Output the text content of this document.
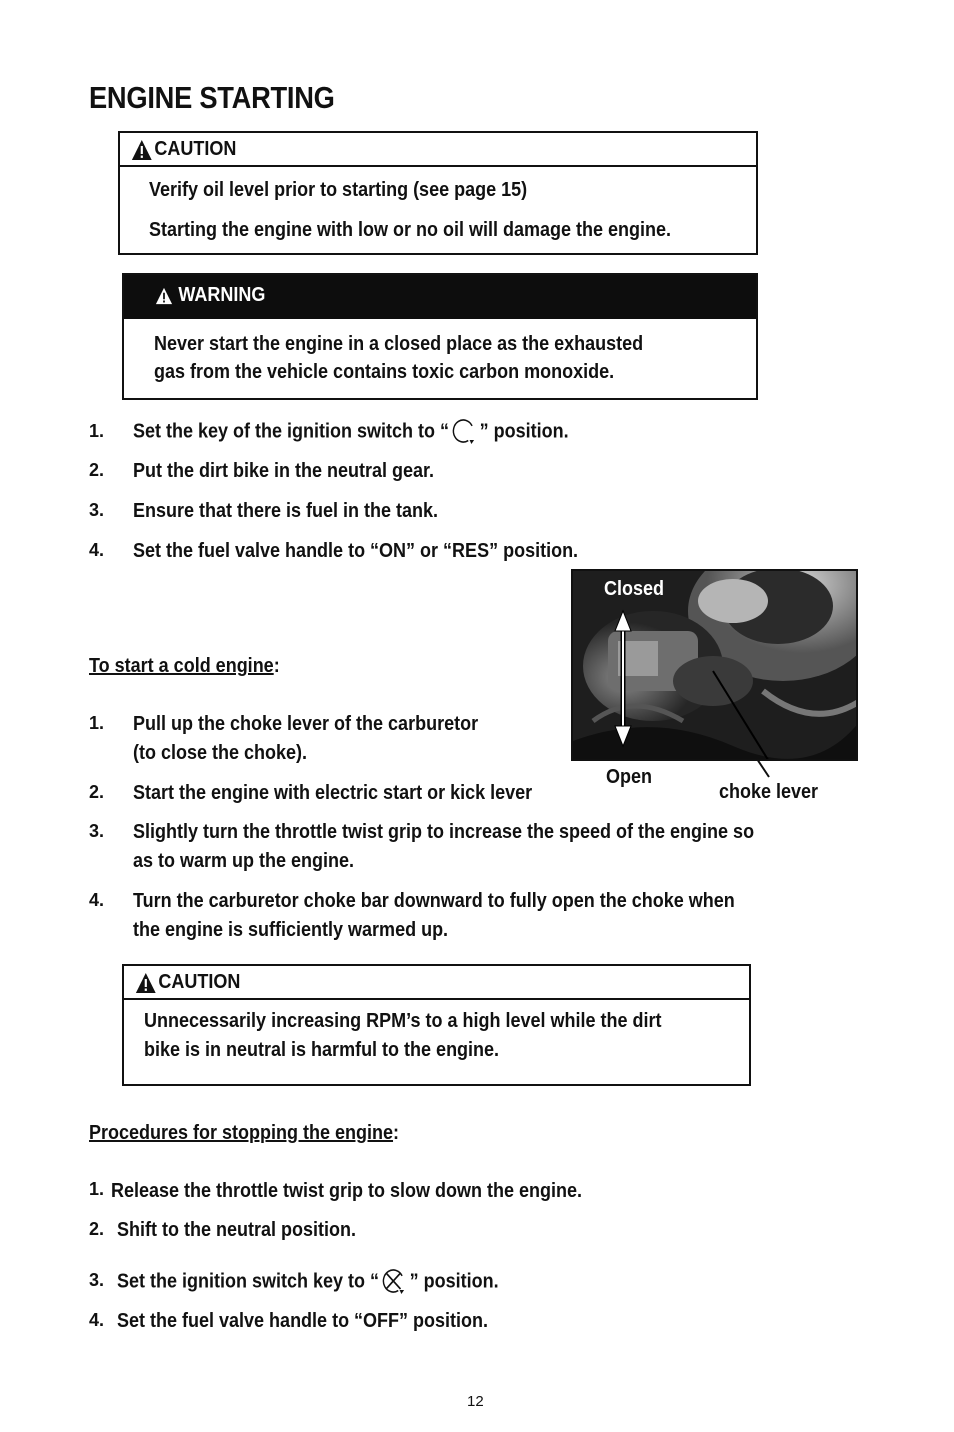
ENGINE STARTING
CAUTION
Verify oil level prior to starting (see page 15)
Starting the engine with low or no oil will damage the engine.
WARNING
Never start the engine in a closed place as the exhausted
gas from the vehicle contains toxic carbon monoxide.
1. Set the key of the ignition switch to “ ” position.
2. Put the dirt bike in the neutral gear.
3. Ensure that there is fuel in the tank.
4. Set the fuel valve handle to “ON” or “RES” position.
Closed
Open
choke lever
To start a cold engine:
1. Pull up the choke lever of the carburetor
(to close the choke).
2. Start the engine with electric start or kick lever
3. Slightly turn the throttle twist grip to increase the speed of the engine so
as to warm up the engine.
4. Turn the carburetor choke bar downward to fully open the choke when
the engine is sufficiently warmed up.
CAUTION
Unnecessarily increasing RPM’s to a high level while the dirt
bike is in neutral is harmful to the engine.
Procedures for stopping the engine:
1. Release the throttle twist grip to slow down the engine.
2. Shift to the neutral position.
3. Set the ignition switch key to “ ” position.
4. Set the fuel valve handle to “OFF” position.
12
